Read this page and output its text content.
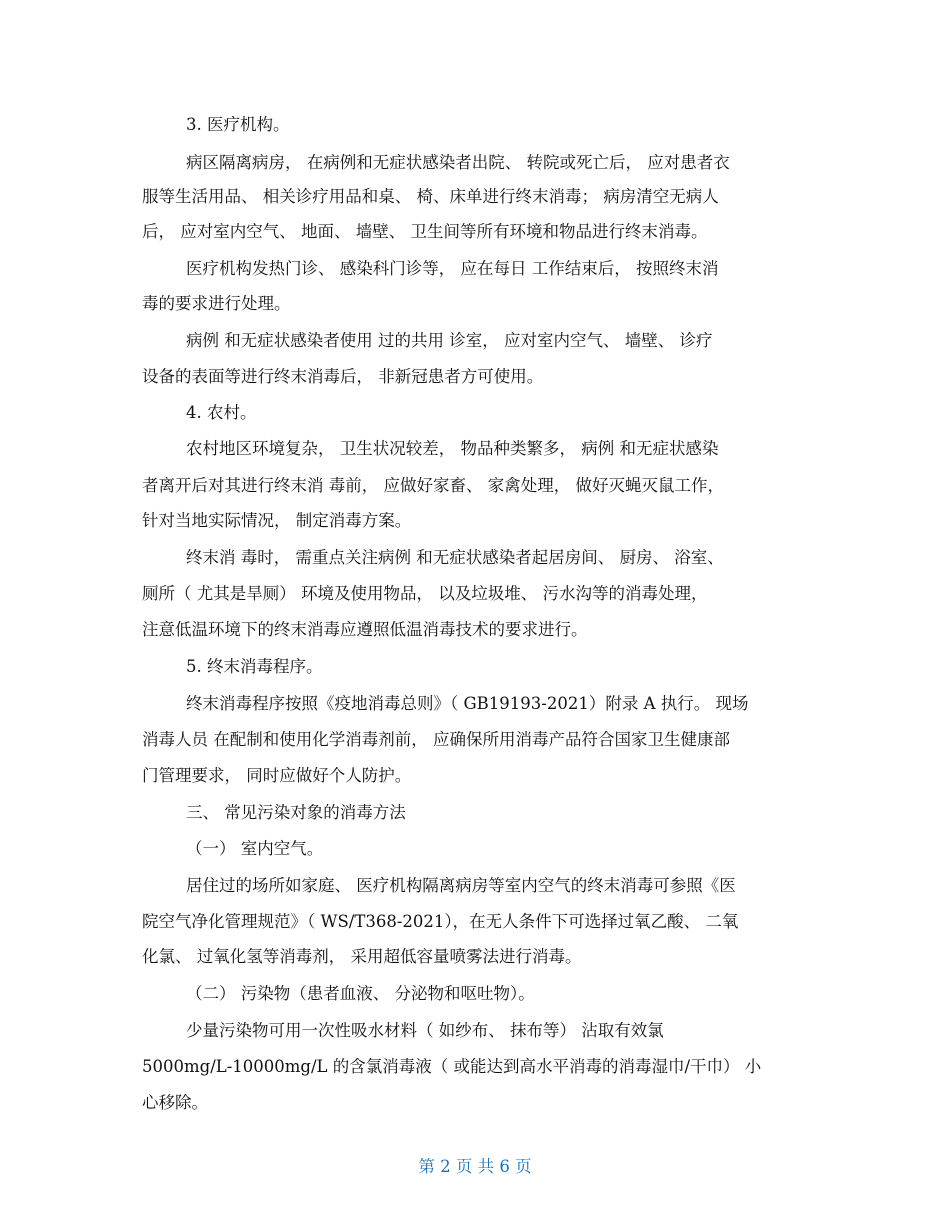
3. 医疗机构。
病区隔离病房， 在病例和无症状感染者出院、 转院或死亡后， 应对患者衣
服等生活用品、 相关诊疗用品和桌、 椅、床单进行终末消毒； 病房清空无病人
后， 应对室内空气、 地面、 墙壁、 卫生间等所有环境和物品进行终末消毒。
医疗机构发热门诊、 感染科门诊等， 应在每日 工作结束后， 按照终末消
毒的要求进行处理。
病例 和无症状感染者使用 过的共用 诊室， 应对室内空气、 墙壁、 诊疗
设备的表面等进行终末消毒后， 非新冠患者方可使用。
4. 农村。
农村地区环境复杂， 卫生状况较差， 物品种类繁多， 病例 和无症状感染
者离开后对其进行终末消 毒前， 应做好家畜、 家禽处理， 做好灭蝇灭鼠工作，
针对当地实际情况， 制定消毒方案。
终末消 毒时， 需重点关注病例 和无症状感染者起居房间、 厨房、 浴室、
厕所（ 尤其是旱厕） 环境及使用物品， 以及垃圾堆、 污水沟等的消毒处理，
注意低温环境下的终末消毒应遵照低温消毒技术的要求进行。
5. 终末消毒程序。
终末消毒程序按照《疫地消毒总则》（ GB19193-2021）附录 A 执行。 现场
消毒人员 在配制和使用化学消毒剂前， 应确保所用消毒产品符合国家卫生健康部
门管理要求， 同时应做好个人防护。
三、 常见污染对象的消毒方法
（一） 室内空气。
居住过的场所如家庭、 医疗机构隔离病房等室内空气的终末消毒可参照《医
院空气净化管理规范》（ WS/T368-2021），在无人条件下可选择过氧乙酸、 二氧
化氯、 过氧化氢等消毒剂， 采用超低容量喷雾法进行消毒。
（二） 污染物（患者血液、 分泌物和呕吐物）。
少量污染物可用一次性吸水材料（ 如纱布、 抹布等） 沾取有效氯
5000mg/L-10000mg/L 的含氯消毒液（ 或能达到高水平消毒的消毒湿巾/干巾） 小
心移除。
第 2 页 共 6 页
